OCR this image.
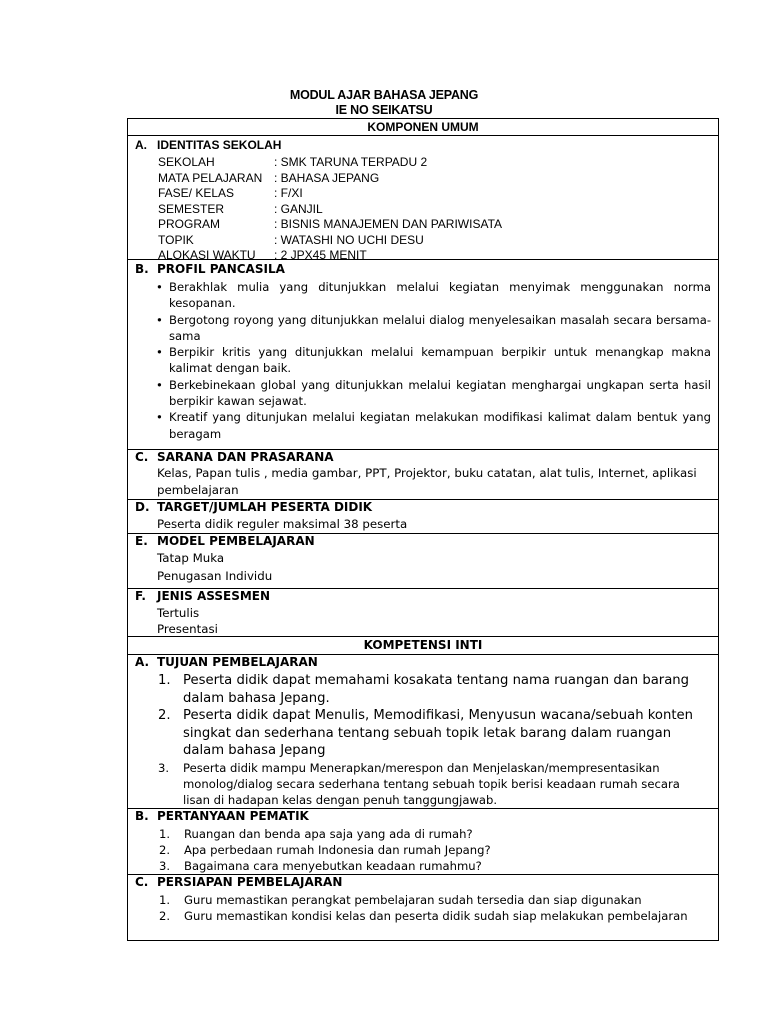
MODUL AJAR BAHASA JEPANG
IE NO SEIKATSU
KOMPONEN UMUM
A. IDENTITAS SEKOLAH
SEKOLAH	: SMK TARUNA TERPADU 2
MATA PELAJARAN : BAHASA JEPANG
FASE/ KELAS	: F/XI
SEMESTER	: GANJIL
PROGRAM	: BISNIS MANAJEMEN DAN PARIWISATA
TOPIK	: WATASHI NO UCHI DESU
ALOKASI WAKTU : 2 JPX45 MENIT
B. PROFIL PANCASILA
• Berakhlak mulia yang ditunjukkan melalui kegiatan menyimak menggunakan norma kesopanan.
• Bergotong royong yang ditunjukkan melalui dialog menyelesaikan masalah secara bersama-sama
• Berpikir kritis yang ditunjukkan melalui kemampuan berpikir untuk menangkap makna kalimat dengan baik.
• Berkebinekaan global yang ditunjukkan melalui kegiatan menghargai ungkapan serta hasil berpikir kawan sejawat.
• Kreatif yang ditunjukan melalui kegiatan melakukan modifikasi kalimat dalam bentuk yang beragam
C. SARANA DAN PRASARANA
Kelas, Papan tulis , media gambar, PPT, Projektor, buku catatan, alat tulis, Internet, aplikasi pembelajaran
D. TARGET/JUMLAH PESERTA DIDIK
Peserta didik reguler maksimal 38 peserta
E. MODEL PEMBELAJARAN
Tatap Muka
Penugasan Individu
F. JENIS ASSESMEN
Tertulis
Presentasi
KOMPETENSI INTI
A. TUJUAN PEMBELAJARAN
1. Peserta didik dapat memahami kosakata tentang nama ruangan dan barang dalam bahasa Jepang.
2. Peserta didik dapat Menulis, Memodifikasi, Menyusun wacana/sebuah konten singkat dan sederhana tentang sebuah topik letak barang dalam ruangan dalam bahasa Jepang
3. Peserta didik mampu Menerapkan/merespon dan Menjelaskan/mempresentasikan monolog/dialog secara sederhana tentang sebuah topik berisi keadaan rumah secara lisan di hadapan kelas dengan penuh tanggungjawab.
B. PERTANYAAN PEMATIK
1. Ruangan dan benda apa saja yang ada di rumah?
2. Apa perbedaan rumah Indonesia dan rumah Jepang?
3. Bagaimana cara menyebutkan keadaan rumahmu?
C. PERSIAPAN PEMBELAJARAN
1. Guru memastikan perangkat pembelajaran sudah tersedia dan siap digunakan
2. Guru memastikan kondisi kelas dan peserta didik sudah siap melakukan pembelajaran
